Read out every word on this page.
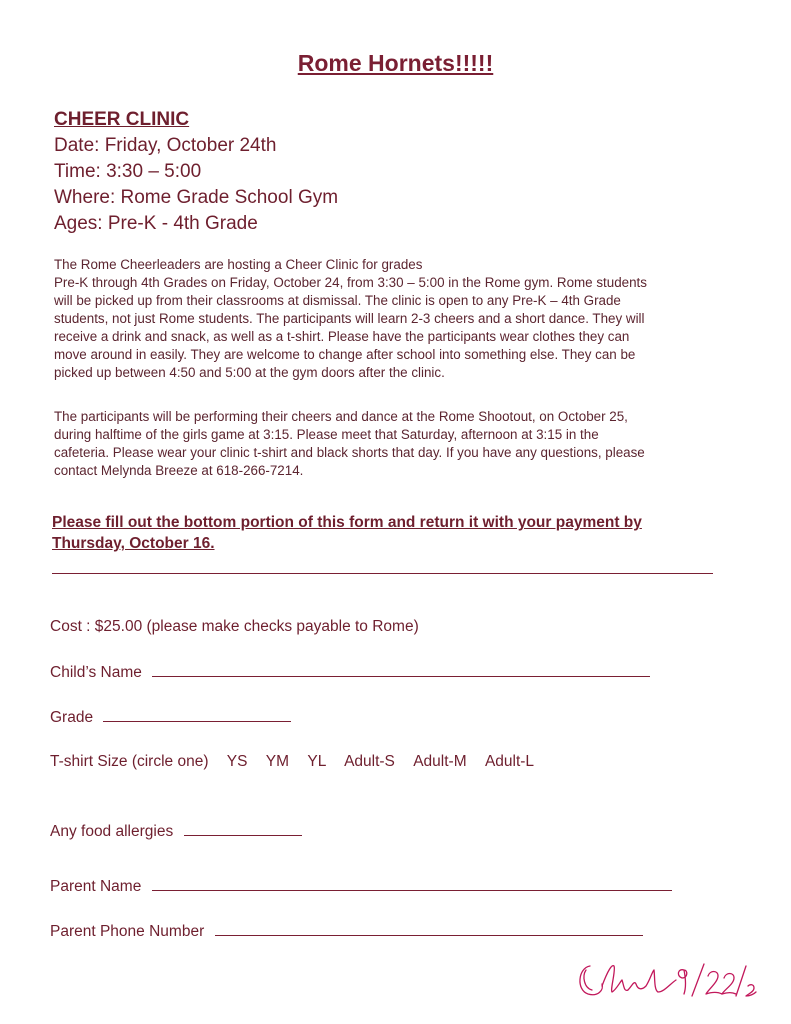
Rome Hornets!!!!!
CHEER CLINIC
Date: Friday, October 24th
Time: 3:30 – 5:00
Where: Rome Grade School Gym
Ages: Pre-K - 4th Grade

The Rome Cheerleaders are hosting a Cheer Clinic for grades

Pre-K through 4th Grades on Friday, October 24, from 3:30 – 5:00 in the Rome gym. Rome students

will be picked up from their classrooms at dismissal. The clinic is open to any Pre-K – 4th Grade

students, not just Rome students. The participants will learn 2-3 cheers and a short dance. They will

receive a drink and snack, as well as a t-shirt. Please have the participants wear clothes they can

move around in easily. They are welcome to change after school into something else. They can be

picked up between 4:50 and 5:00 at the gym doors after the clinic.

The participants will be performing their cheers and dance at the Rome Shootout, on October 25,

during halftime of the girls game at 3:15. Please meet that Saturday, afternoon at 3:15 in the

cafeteria. Please wear your clinic t-shirt and black shorts that day. If you have any questions, please

contact Melynda Breeze at 618-266-7214.

Please fill out the bottom portion of this form and return it with your payment by
Thursday, October 16.
Cost : $25.00 (please make checks payable to Rome)
Child’s Name
Grade
T-shirt Size (circle one) YS YM YL Adult-S Adult-M Adult-L
Any food allergies
Parent Name
Parent Phone Number
